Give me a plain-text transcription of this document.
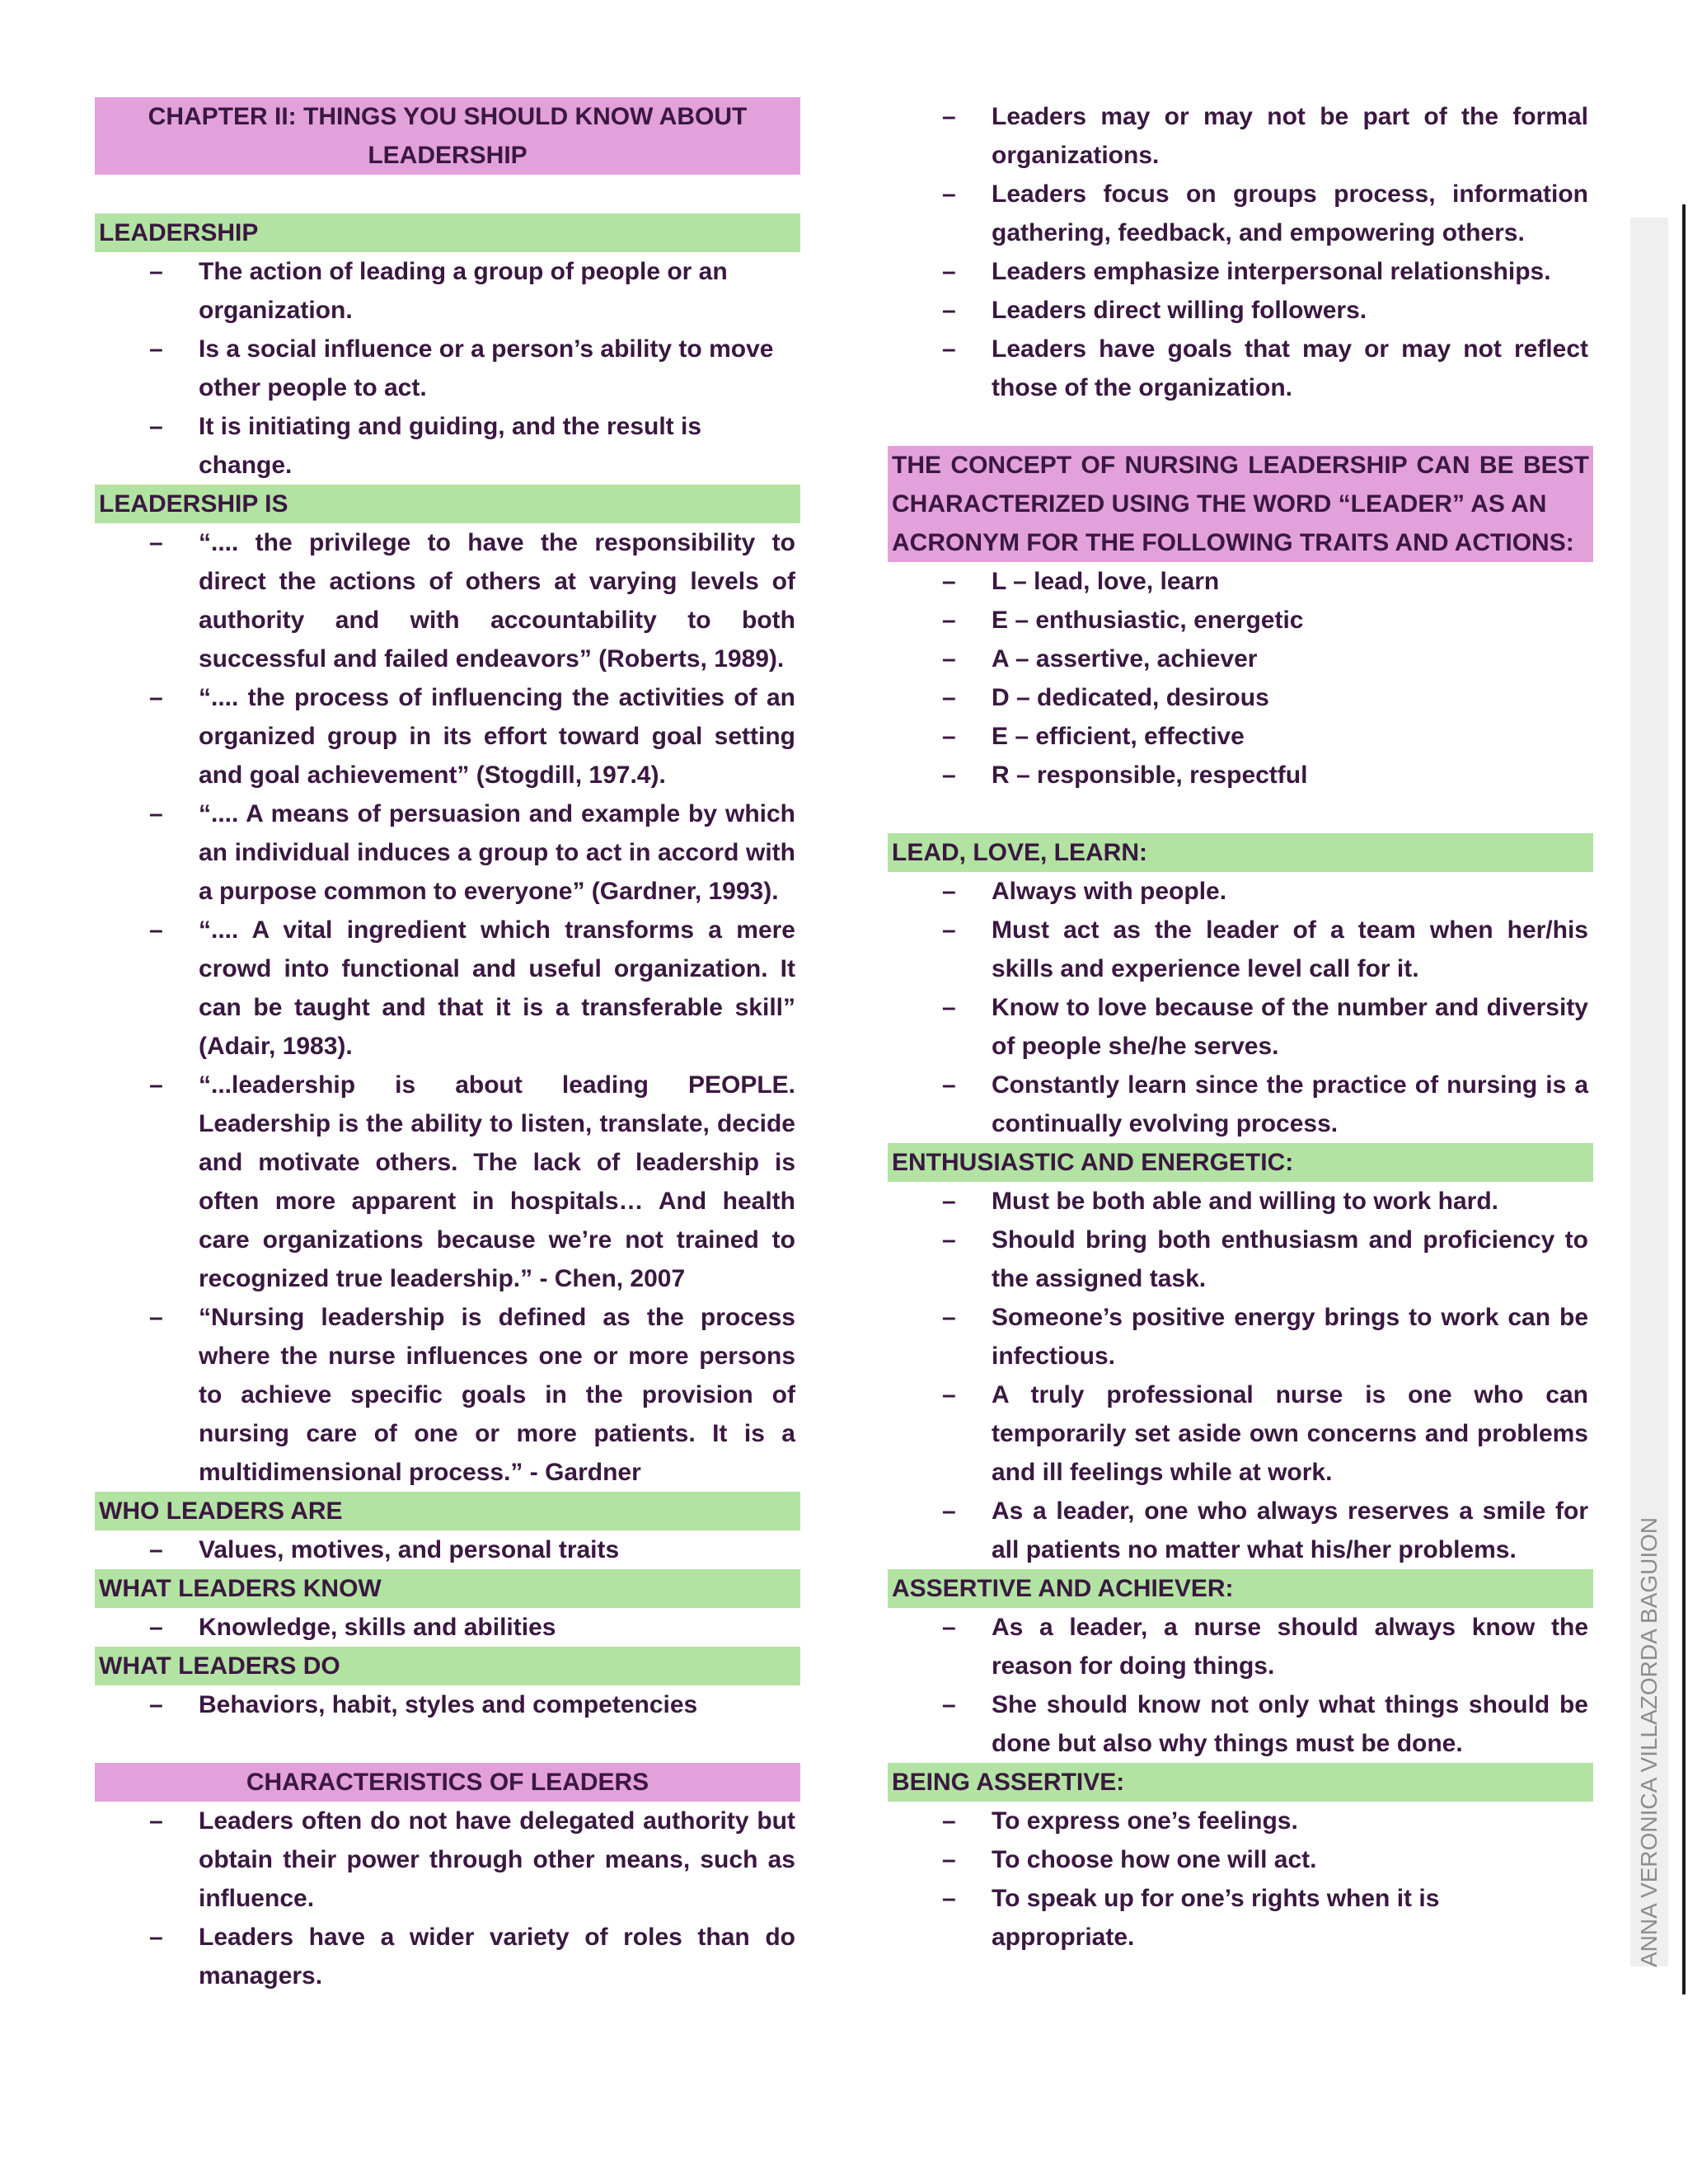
CHAPTER II: THINGS YOU SHOULD KNOW ABOUT LEADERSHIP
LEADERSHIP
– The action of leading a group of people or an organization.
– Is a social influence or a person’s ability to move other people to act.
– It is initiating and guiding, and the result is change.
LEADERSHIP IS
– “.... the privilege to have the responsibility to direct the actions of others at varying levels of authority and with accountability to both successful and failed endeavors” (Roberts, 1989).
– “.... the process of influencing the activities of an organized group in its effort toward goal setting and goal achievement” (Stogdill, 197.4).
– “.... A means of persuasion and example by which an individual induces a group to act in accord with a purpose common to everyone” (Gardner, 1993).
– “.... A vital ingredient which transforms a mere crowd into functional and useful organization. It can be taught and that it is a transferable skill” (Adair, 1983).
– “...leadership is about leading PEOPLE. Leadership is the ability to listen, translate, decide and motivate others. The lack of leadership is often more apparent in hospitals… And health care organizations because we’re not trained to recognized true leadership.” - Chen, 2007
– “Nursing leadership is defined as the process where the nurse influences one or more persons to achieve specific goals in the provision of nursing care of one or more patients. It is a multidimensional process.” - Gardner
WHO LEADERS ARE
– Values, motives, and personal traits
WHAT LEADERS KNOW
– Knowledge, skills and abilities
WHAT LEADERS DO
– Behaviors, habit, styles and competencies
CHARACTERISTICS OF LEADERS
– Leaders often do not have delegated authority but obtain their power through other means, such as influence.
– Leaders have a wider variety of roles than do managers.
– Leaders may or may not be part of the formal organizations.
– Leaders focus on groups process, information gathering, feedback, and empowering others.
– Leaders emphasize interpersonal relationships.
– Leaders direct willing followers.
– Leaders have goals that may or may not reflect those of the organization.
THE CONCEPT OF NURSING LEADERSHIP CAN BE BEST CHARACTERIZED USING THE WORD “LEADER” AS AN
ACRONYM FOR THE FOLLOWING TRAITS AND ACTIONS:
– L – lead, love, learn
– E – enthusiastic, energetic
– A – assertive, achiever
– D – dedicated, desirous
– E – efficient, effective
– R – responsible, respectful
LEAD, LOVE, LEARN:
– Always with people.
– Must act as the leader of a team when her/his skills and experience level call for it.
– Know to love because of the number and diversity of people she/he serves.
– Constantly learn since the practice of nursing is a continually evolving process.
ENTHUSIASTIC AND ENERGETIC:
– Must be both able and willing to work hard.
– Should bring both enthusiasm and proficiency to the assigned task.
– Someone’s positive energy brings to work can be infectious.
– A truly professional nurse is one who can temporarily set aside own concerns and problems and ill feelings while at work.
– As a leader, one who always reserves a smile for all patients no matter what his/her problems.
ASSERTIVE AND ACHIEVER:
– As a leader, a nurse should always know the reason for doing things.
– She should know not only what things should be done but also why things must be done.
BEING ASSERTIVE:
– To express one’s feelings.
– To choose how one will act.
– To speak up for one’s rights when it is appropriate.	ANNA VERONICA VILLAZORDA BAGUION
